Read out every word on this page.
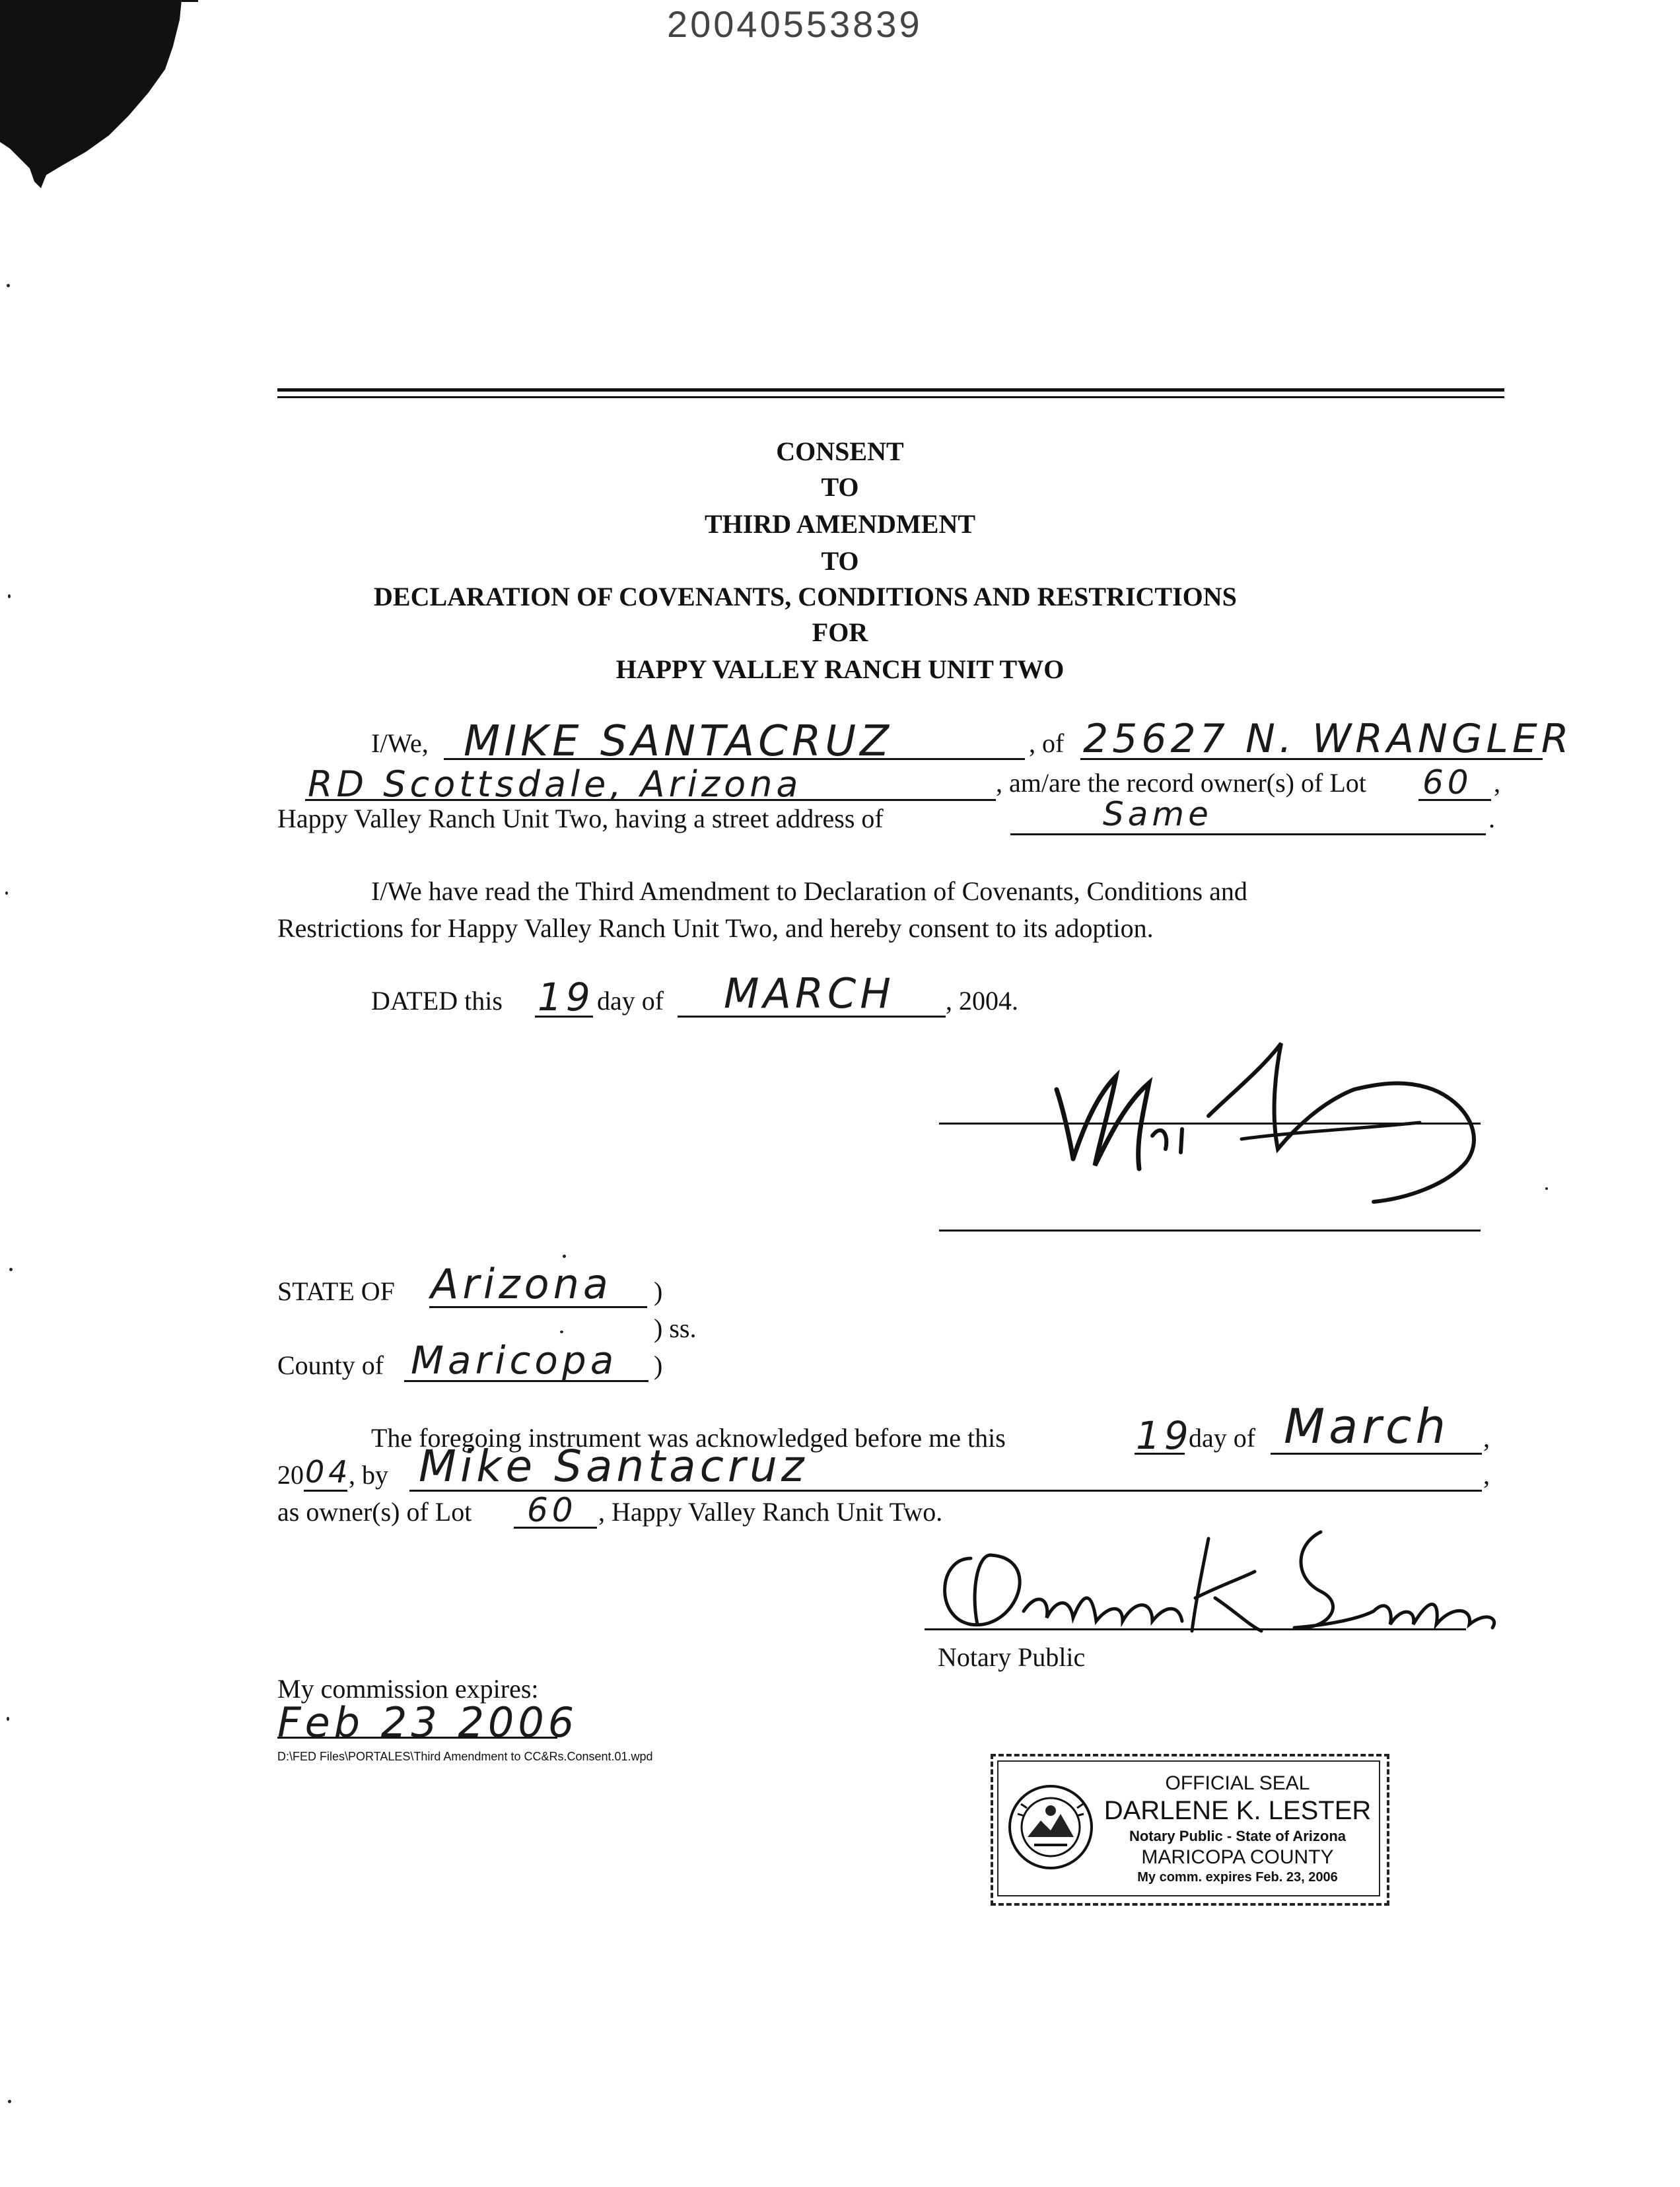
20040553839
CONSENT
TO
THIRD AMENDMENT
TO
DECLARATION OF COVENANTS, CONDITIONS AND RESTRICTIONS
FOR
HAPPY VALLEY RANCH UNIT TWO
I/We, MIKE SANTACRUZ	, of 25627 N. WRANGLER
RD Scottsdale, Arizona	, am/are the record owner(s) of Lot 60 ,
Happy Valley Ranch Unit Two, having a street address of	Same	.
I/We have read the Third Amendment to Declaration of Covenants, Conditions and
Restrictions for Happy Valley Ranch Unit Two, and hereby consent to its adoption.
DATED this 19 day of MARCH , 2004.
STATE OF Arizona )
) ss.
County of Maricopa )
The foregoing instrument was acknowledged before me this	19
day of March ,
20 04
, by Mike Santacruz	,
as owner(s) of Lot 60 , Happy Valley Ranch Unit Two.
Notary Public
My commission expires:
Feb 23 2006
D:\FED Files\PORTALES\Third Amendment to CC&Rs.Consent.01.wpd
OFFICIAL SEAL
DARLENE K. LESTER
Notary Public - State of Arizona
MARICOPA COUNTY
My comm. expires Feb. 23, 2006
